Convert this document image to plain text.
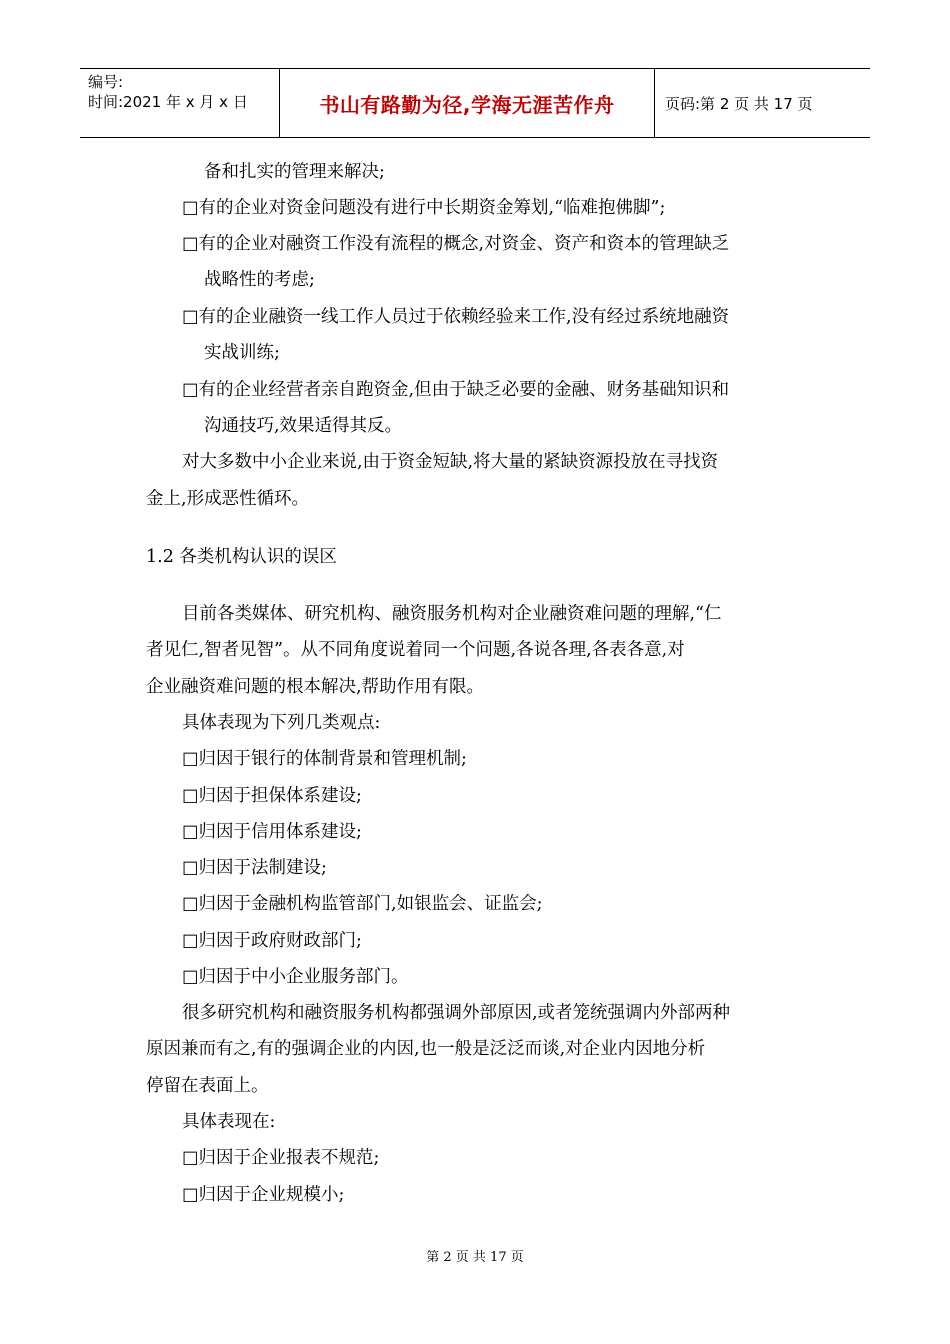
编号:
时间:2021 年 x 月 x 日	书山有路勤为径,学海无涯苦作舟	页码:第 2 页 共 17 页
备和扎实的管理来解决;
□有的企业对资金问题没有进行中长期资金筹划,“临难抱佛脚”;
□有的企业对融资工作没有流程的概念,对资金、资产和资本的管理缺乏
战略性的考虑;
□有的企业融资一线工作人员过于依赖经验来工作,没有经过系统地融资
实战训练;
□有的企业经营者亲自跑资金,但由于缺乏必要的金融、财务基础知识和
沟通技巧,效果适得其反。
对大多数中小企业来说,由于资金短缺,将大量的紧缺资源投放在寻找资
金上,形成恶性循环。
1.2 各类机构认识的误区
目前各类媒体、研究机构、融资服务机构对企业融资难问题的理解,“仁
者见仁,智者见智”。从不同角度说着同一个问题,各说各理,各表各意,对
企业融资难问题的根本解决,帮助作用有限。
具体表现为下列几类观点:
□归因于银行的体制背景和管理机制;
□归因于担保体系建设;
□归因于信用体系建设;
□归因于法制建设;
□归因于金融机构监管部门,如银监会、证监会;
□归因于政府财政部门;
□归因于中小企业服务部门。
很多研究机构和融资服务机构都强调外部原因,或者笼统强调内外部两种
原因兼而有之,有的强调企业的内因,也一般是泛泛而谈,对企业内因地分析
停留在表面上。
具体表现在:
□归因于企业报表不规范;
□归因于企业规模小;
第 2 页 共 17 页
